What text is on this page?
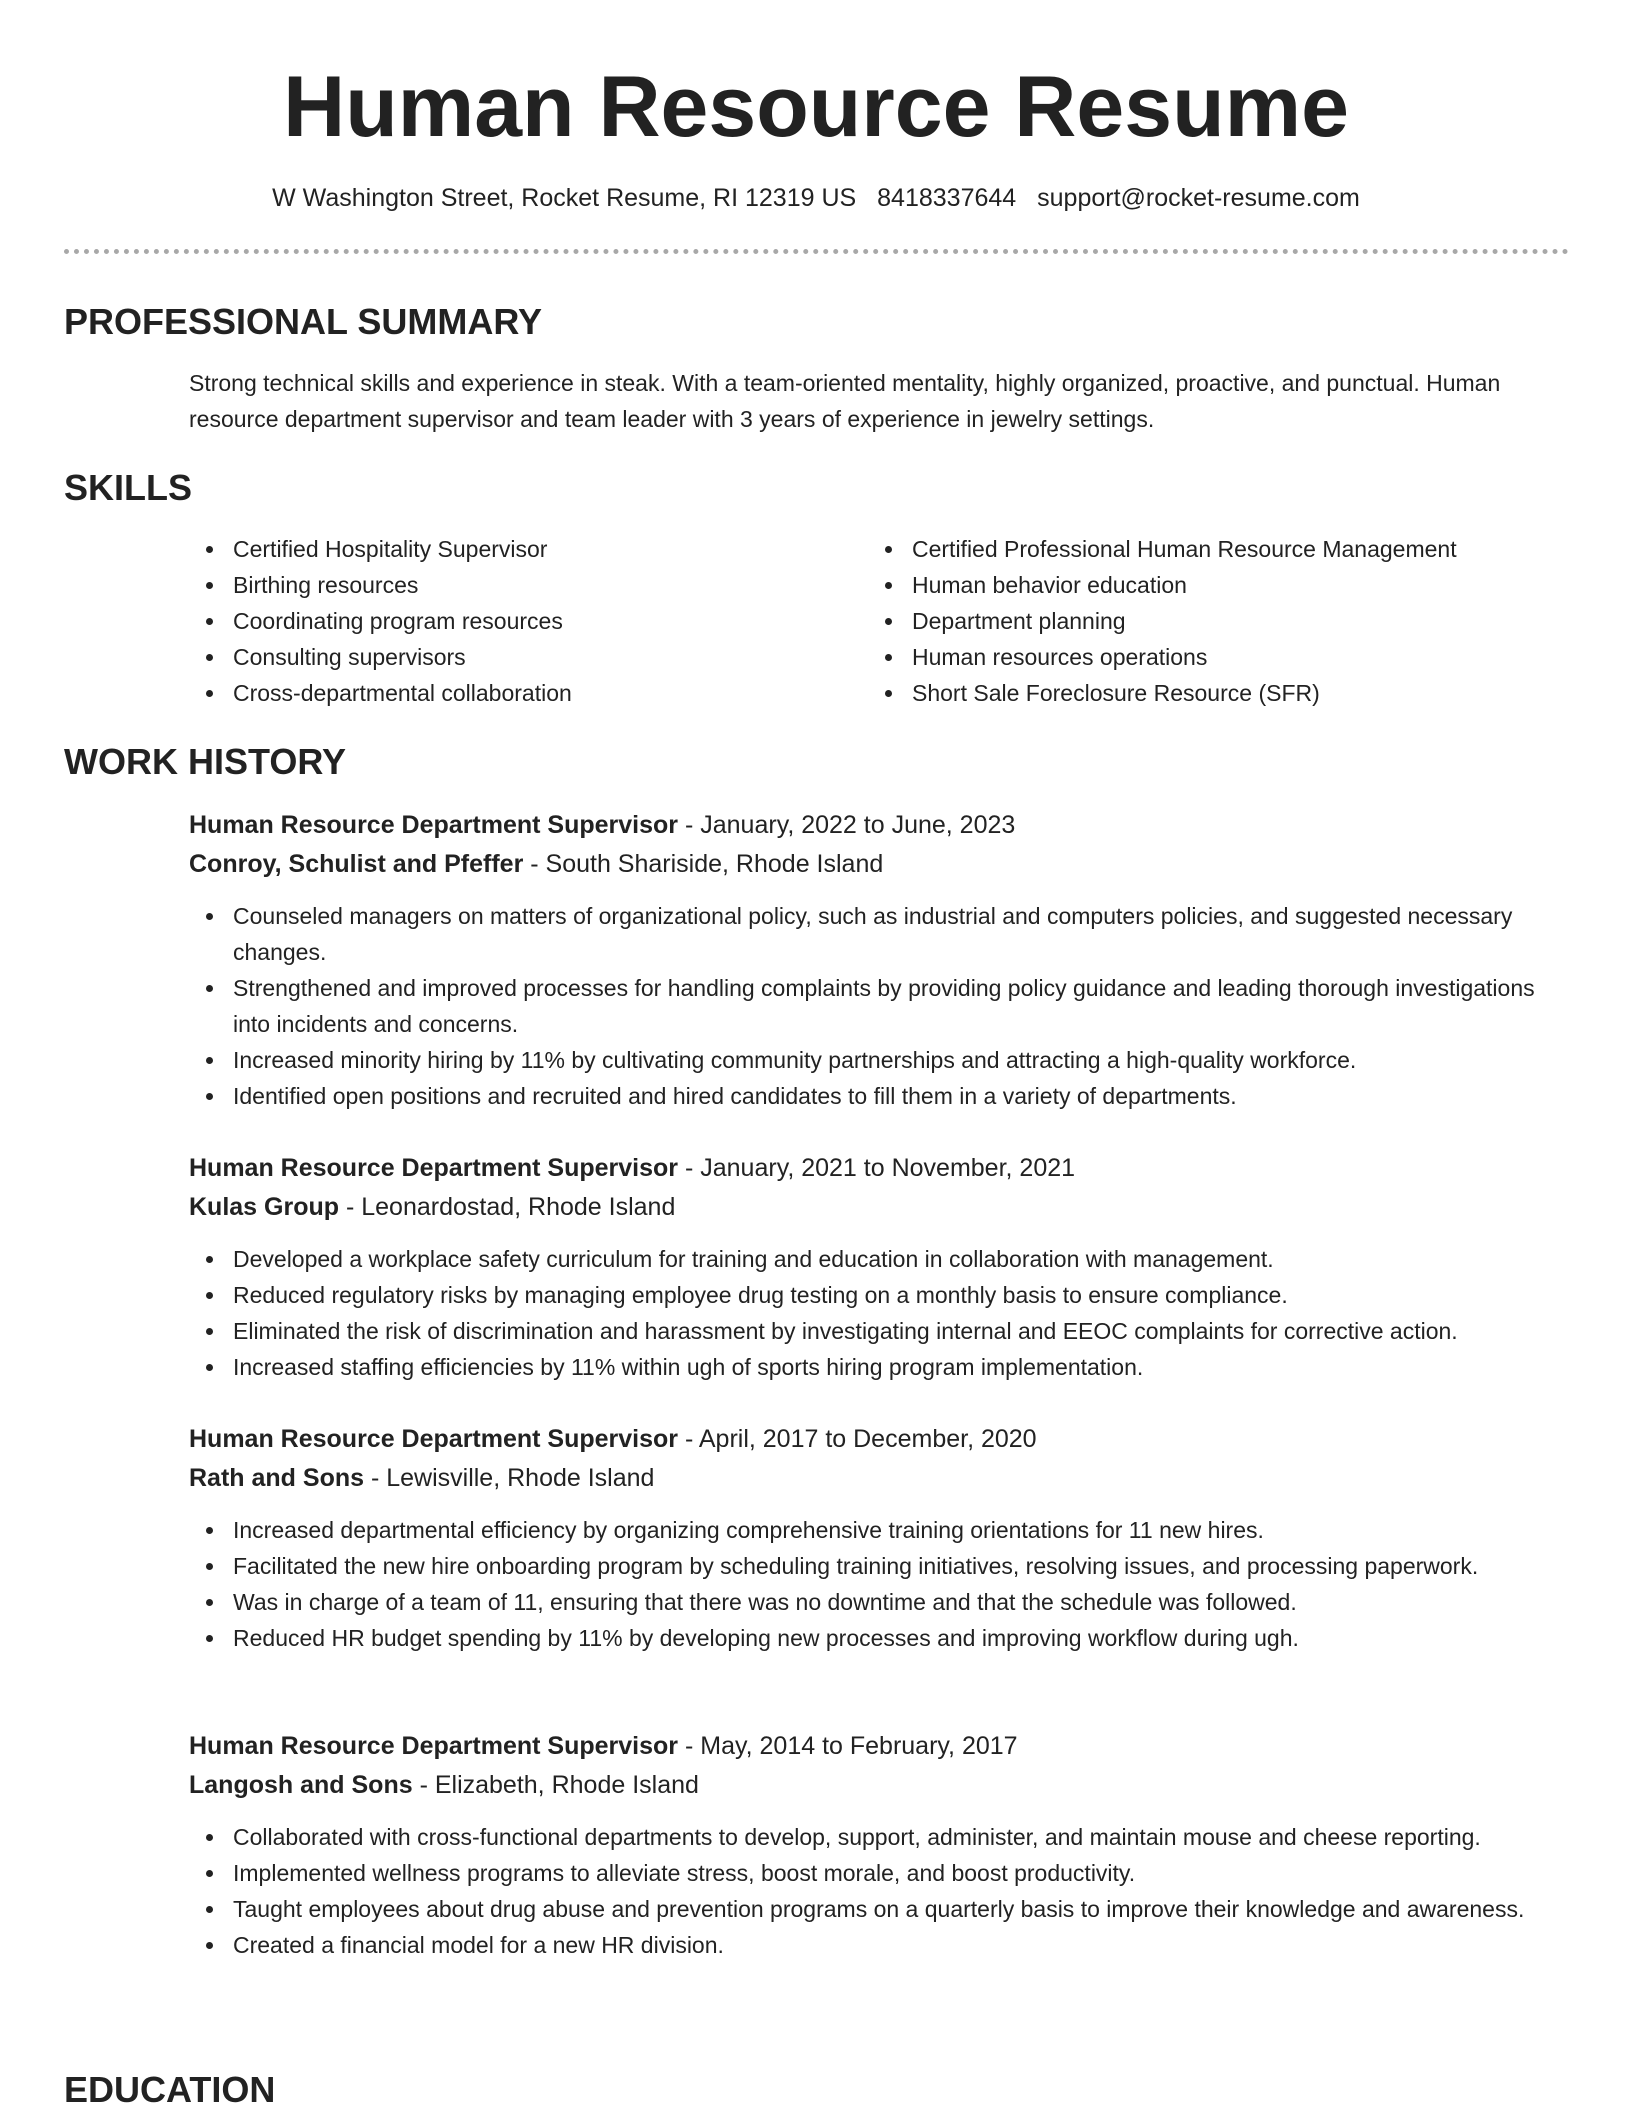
Human Resource Resume
W Washington Street, Rocket Resume, RI 12319 US 8418337644 support@rocket-resume.com
PROFESSIONAL SUMMARY

Strong technical skills and experience in steak. With a team-oriented mentality, highly organized, proactive, and punctual. Human resource department supervisor and team leader with 3 years of experience in jewelry settings.

SKILLS
Certified Hospitality Supervisor
Birthing resources
Coordinating program resources
Consulting supervisors
Cross-departmental collaboration
Certified Professional Human Resource Management
Human behavior education
Department planning
Human resources operations
Short Sale Foreclosure Resource (SFR)
WORK HISTORY
Human Resource Department Supervisor - January, 2022 to June, 2023
Conroy, Schulist and Pfeffer - South Shariside, Rhode Island
Counseled managers on matters of organizational policy, such as industrial and computers policies, and suggested necessary changes.
Strengthened and improved processes for handling complaints by providing policy guidance and leading thorough investigations into incidents and concerns.
Increased minority hiring by 11% by cultivating community partnerships and attracting a high-quality workforce.
Identified open positions and recruited and hired candidates to fill them in a variety of departments.
Human Resource Department Supervisor - January, 2021 to November, 2021
Kulas Group - Leonardostad, Rhode Island
Developed a workplace safety curriculum for training and education in collaboration with management.
Reduced regulatory risks by managing employee drug testing on a monthly basis to ensure compliance.
Eliminated the risk of discrimination and harassment by investigating internal and EEOC complaints for corrective action.
Increased staffing efficiencies by 11% within ugh of sports hiring program implementation.
Human Resource Department Supervisor - April, 2017 to December, 2020
Rath and Sons - Lewisville, Rhode Island
Increased departmental efficiency by organizing comprehensive training orientations for 11 new hires.
Facilitated the new hire onboarding program by scheduling training initiatives, resolving issues, and processing paperwork.
Was in charge of a team of 11, ensuring that there was no downtime and that the schedule was followed.
Reduced HR budget spending by 11% by developing new processes and improving workflow during ugh.
Human Resource Department Supervisor - May, 2014 to February, 2017
Langosh and Sons - Elizabeth, Rhode Island
Collaborated with cross-functional departments to develop, support, administer, and maintain mouse and cheese reporting.
Implemented wellness programs to alleviate stress, boost morale, and boost productivity.
Taught employees about drug abuse and prevention programs on a quarterly basis to improve their knowledge and awareness.
Created a financial model for a new HR division.
EDUCATION
